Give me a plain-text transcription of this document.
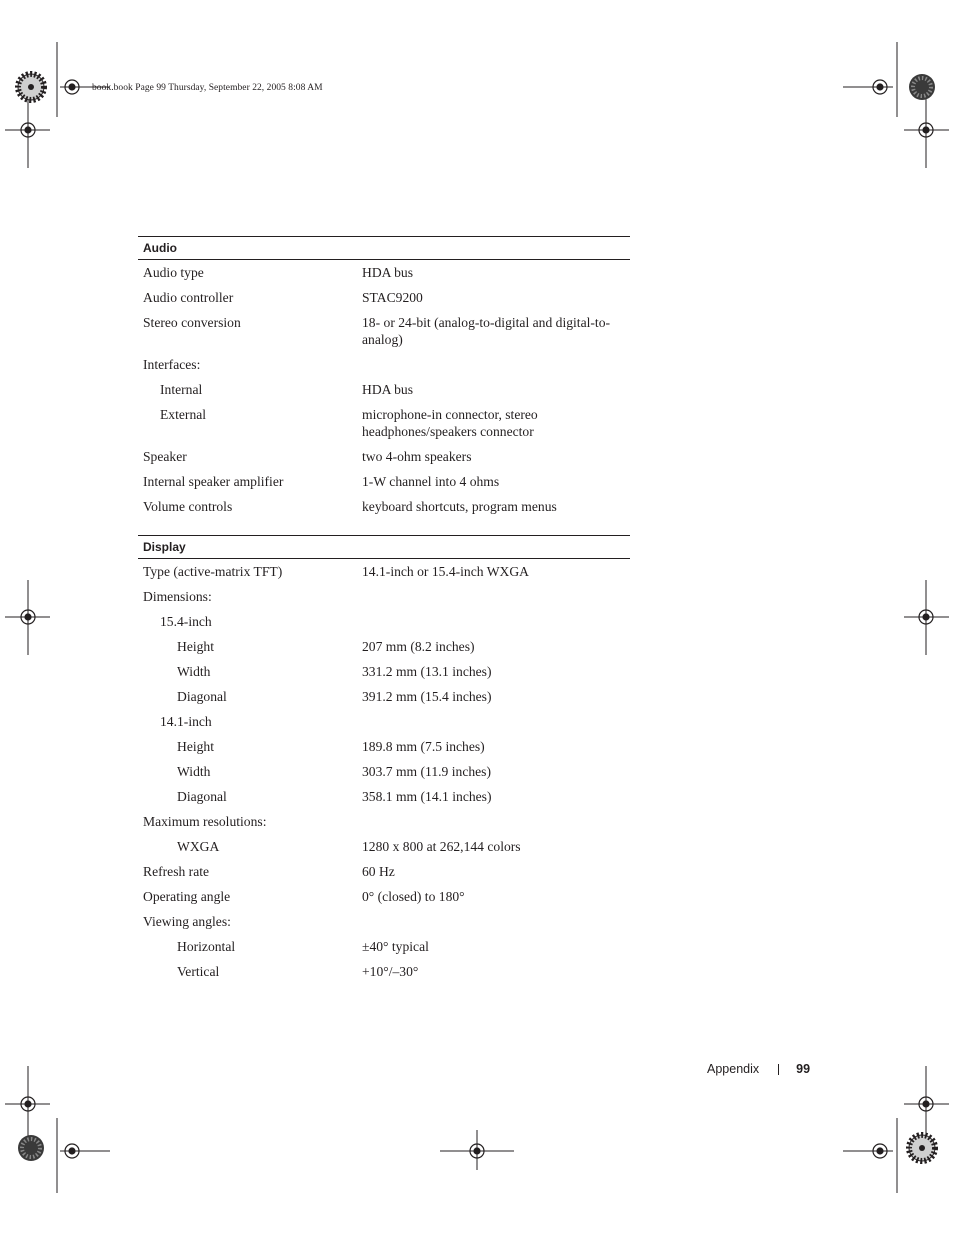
book.book Page 99 Thursday, September 22, 2005 8:08 AM
Audio
Audio type	HDA bus
Audio controller	STAC9200
Stereo conversion	18- or 24-bit (analog-to-digital and digital-to-analog)
Interfaces:
Internal	HDA bus
External	microphone-in connector, stereo headphones/speakers connector
Speaker	two 4-ohm speakers
Internal speaker amplifier	1-W channel into 4 ohms
Volume controls	keyboard shortcuts, program menus
Display
Type (active-matrix TFT)	14.1-inch or 15.4-inch WXGA
Dimensions:
15.4-inch
Height	207 mm (8.2 inches)
Width	331.2 mm (13.1 inches)
Diagonal	391.2 mm (15.4 inches)
14.1-inch
Height	189.8 mm (7.5 inches)
Width	303.7 mm (11.9 inches)
Diagonal	358.1 mm (14.1 inches)
Maximum resolutions:
WXGA	1280 x 800 at 262,144 colors
Refresh rate	60 Hz
Operating angle	0° (closed) to 180°
Viewing angles:
Horizontal	±40° typical
Vertical	+10°/–30°
Appendix	99
